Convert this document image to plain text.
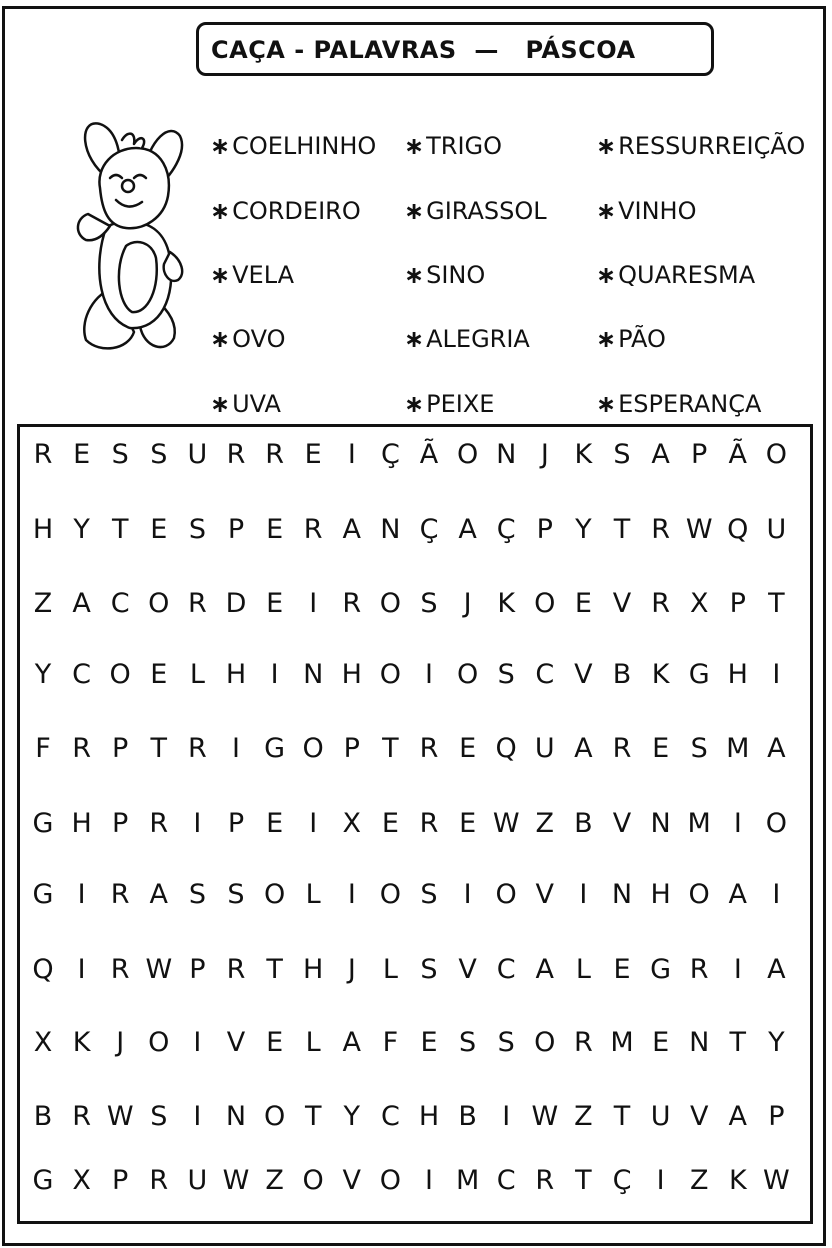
CAÇA - PALAVRAS  —   PÁSCOA
∗COELHINHO
∗CORDEIRO
∗VELA
∗OVO
∗UVA
∗TRIGO
∗GIRASSOL
∗SINO
∗ALEGRIA
∗PEIXE
∗RESSURREIÇÃO
∗VINHO
∗QUARESMA
∗PÃO
∗ESPERANÇA
R E S S U R R E I Ç Ã O N J K S A P Ã O
H Y T E S P E R A N Ç A Ç P Y T R W Q U
Z A C O R D E I R O S J K O E V R X P T
Y C O E L H I N H O I O S C V B K G H I
F R P T R I G O P T R E Q U A R E S M A
G H P R I P E I X E R E W Z B V N M I O
G I R A S S O L	I O S I O V I N H O A I
Q I R W P R T H J	L S V C A L E G R I A
X K J O I V E L A F E S S O R M E N T Y
B R W S I N O T Y C H B I W Z T U V A P
G X P R U W Z O V O I M C R T Ç I Z K W
